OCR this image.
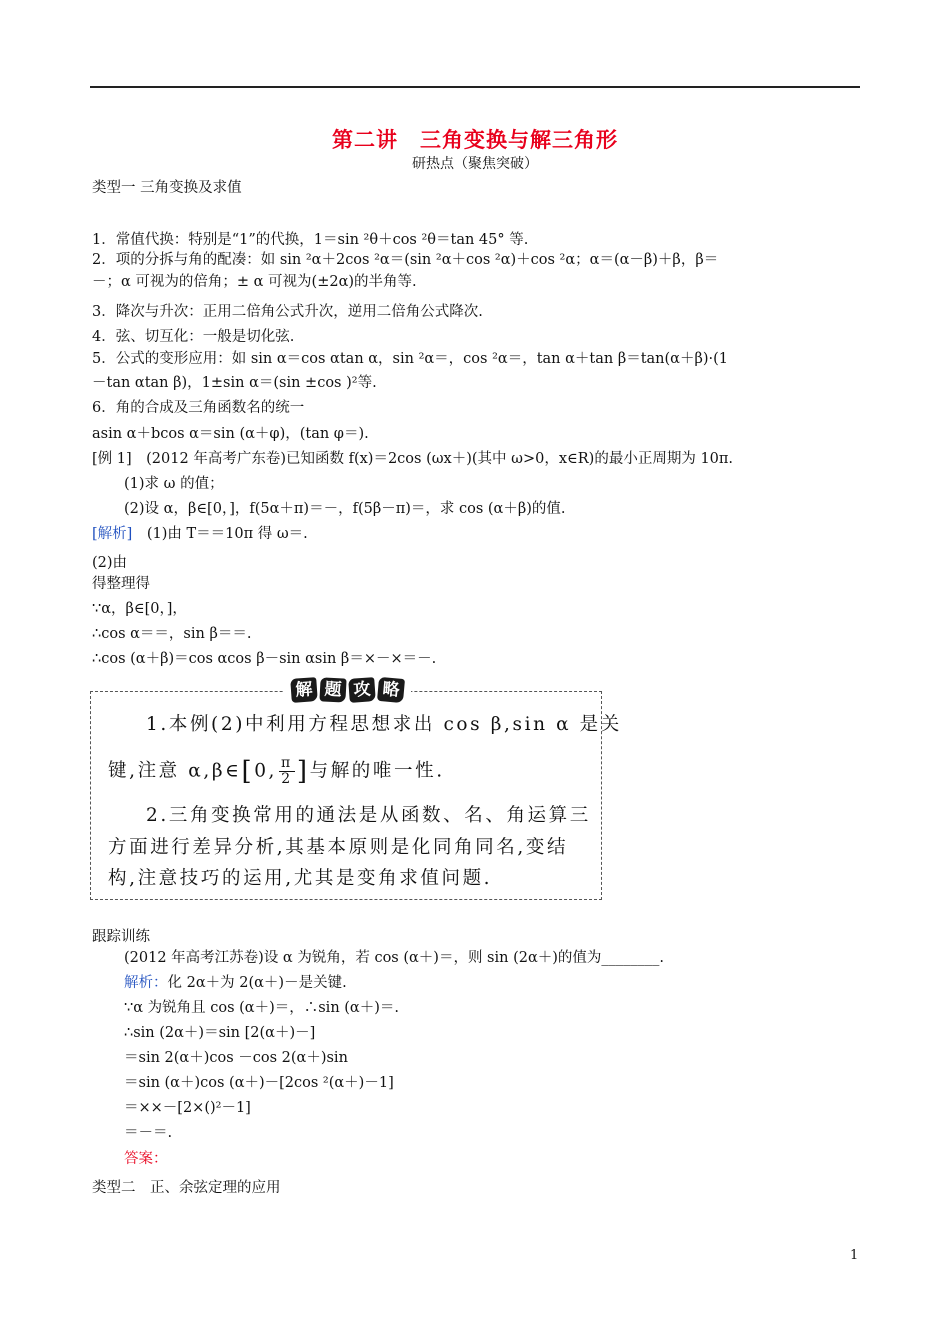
第二讲　三角变换与解三角形
研热点（聚焦突破）
类型一 三角变换及求值
1．常值代换：特别是“1”的代换，1＝sin ²θ＋cos ²θ＝tan 45° 等.
2．项的分拆与角的配凑：如 sin ²α＋2cos ²α＝(sin ²α＋cos ²α)＋cos ²α；α＝(α－β)＋β，β＝
－；α 可视为的倍角；± α 可视为(±2α)的半角等.
3．降次与升次：正用二倍角公式升次，逆用二倍角公式降次.
4．弦、切互化：一般是切化弦.
5．公式的变形应用：如 sin α＝cos αtan α，sin ²α＝，cos ²α＝，tan α＋tan β＝tan(α＋β)·(1
－tan αtan β)，1±sin α＝(sin ±cos )²等.
6．角的合成及三角函数名的统一
asin α＋bcos α＝sin (α＋φ)，(tan φ＝).
[例 1]　(2012 年高考广东卷)已知函数 f(x)＝2cos (ωx＋)(其中 ω>0，x∈R)的最小正周期为 10π.
(1)求 ω 的值；
(2)设 α，β∈[0，]，f(5α＋π)＝－，f(5β－π)＝，求 cos (α＋β)的值.
[解析]　(1)由 T＝＝10π 得 ω＝.
(2)由
得整理得
∵α，β∈[0，]，
∴cos α＝＝，sin β＝＝.
∴cos (α＋β)＝cos αcos β－sin αsin β＝×－×＝－.
解 题 攻 略
1.本例(2)中利用方程思想求出 cos β,sin α 是关
键,注意 α,β∈[0, $\frac{\pi}{2}$ ]与解的唯一性.
2.三角变换常用的通法是从函数、名、角运算三
方面进行差异分析,其基本原则是化同角同名,变结
构,注意技巧的运用,尤其是变角求值问题.
跟踪训练
(2012 年高考江苏卷)设 α 为锐角，若 cos (α＋)＝，则 sin (2α＋)的值为________.
解析：化 2α＋为 2(α＋)－是关键.
∵α 为锐角且 cos (α＋)＝，∴sin (α＋)＝.
∴sin (2α＋)＝sin [2(α＋)－]
＝sin 2(α＋)cos －cos 2(α＋)sin
＝sin (α＋)cos (α＋)－[2cos ²(α＋)－1]
＝××－[2×()²－1]
＝－＝.
答案：
类型二　正、余弦定理的应用
1
